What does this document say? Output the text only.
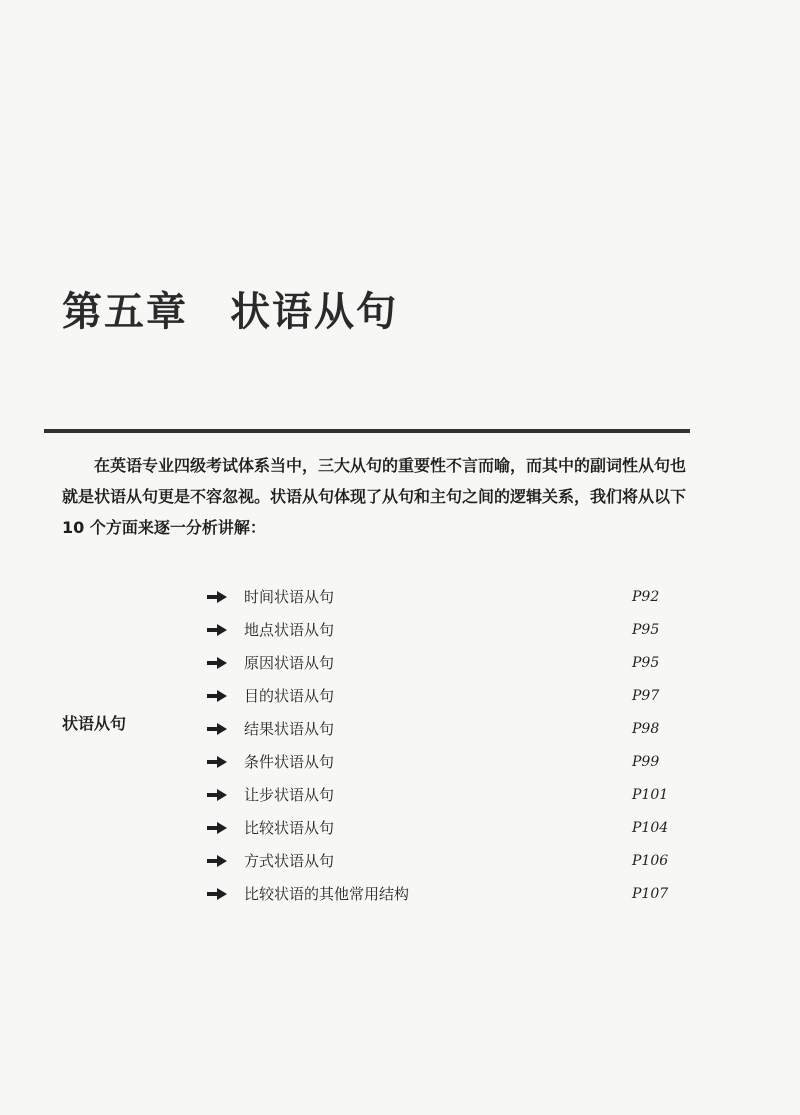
第五章 状语从句

在英语专业四级考试体系当中，三大从句的重要性不言而喻，而其中的副词性从句也就是状语从句更是不容忽视。状语从句体现了从句和主句之间的逻辑关系，我们将从以下 10 个方面来逐一分析讲解：

状语从句
时间状语从句	P92
地点状语从句	P95
原因状语从句	P95
目的状语从句	P97
结果状语从句	P98
条件状语从句	P99
让步状语从句	P101
比较状语从句	P104
方式状语从句	P106
比较状语的其他常用结构	P107
